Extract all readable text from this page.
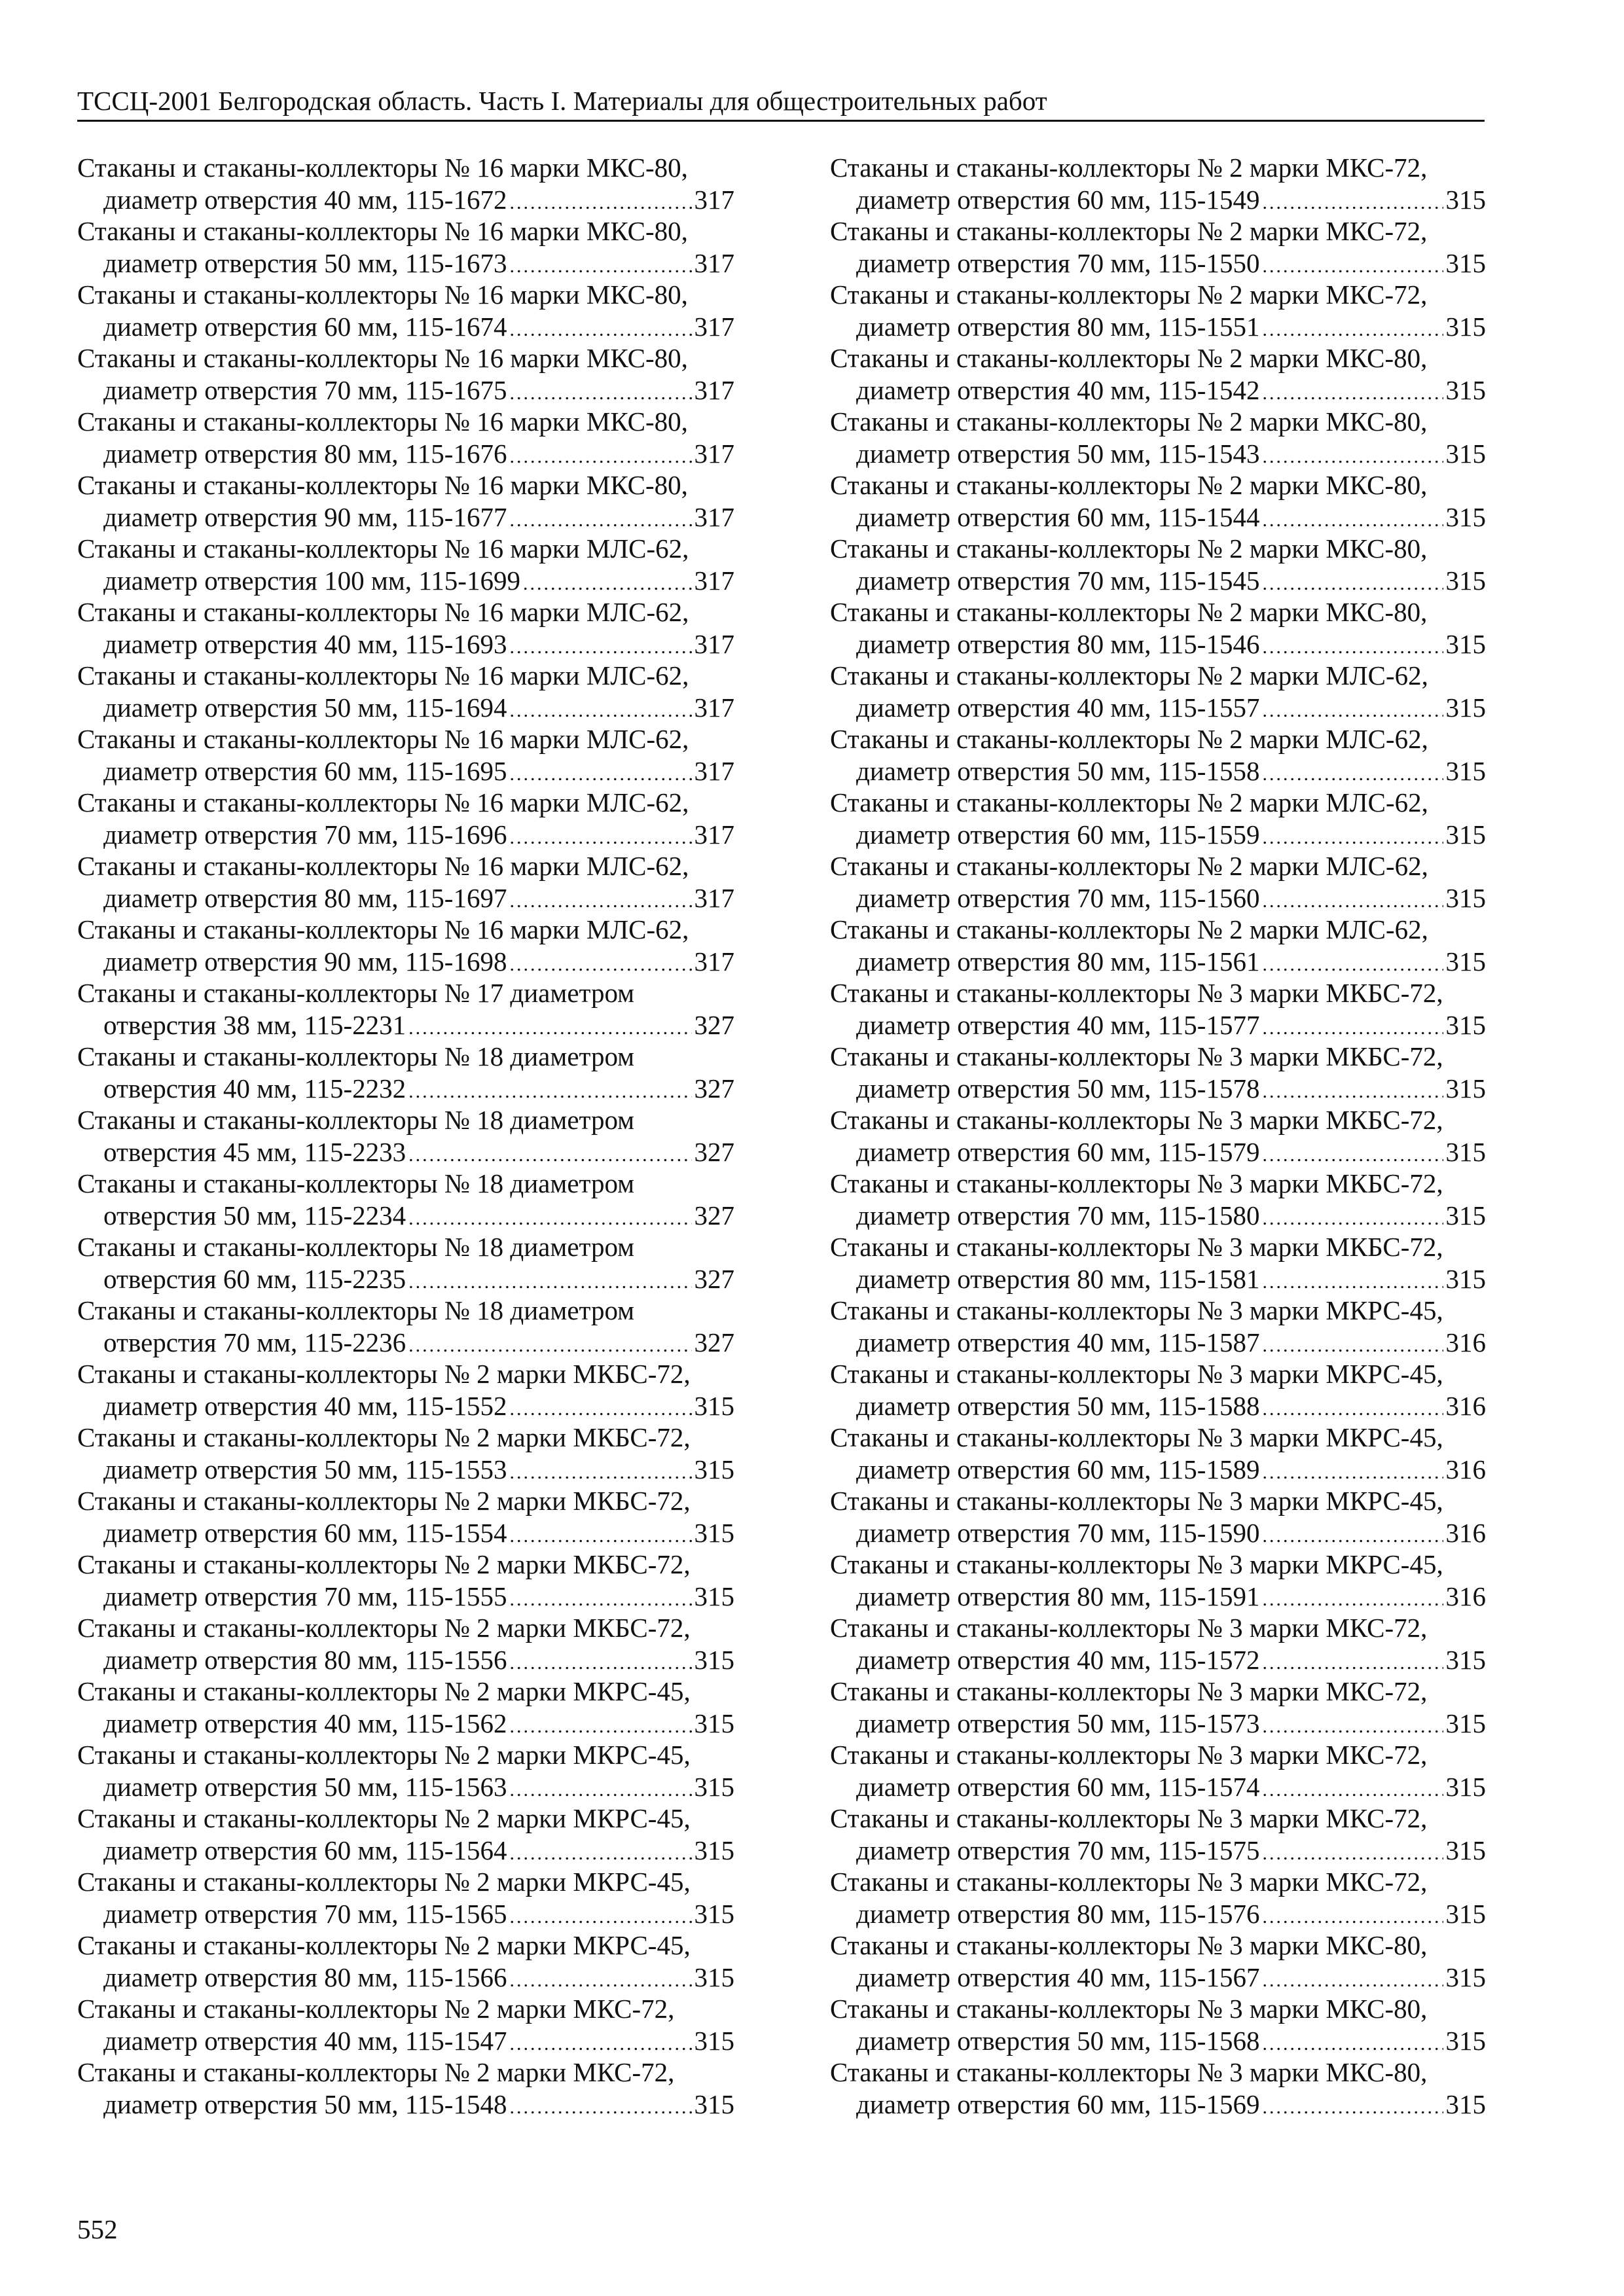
ТССЦ-2001 Белгородская область. Часть I. Материалы для общестроительных работ
Стаканы и стаканы-коллекторы № 16 марки МКС-80,
диаметр отверстия 40 мм, 115-1672 .....	317
Стаканы и стаканы-коллекторы № 16 марки МКС-80,
диаметр отверстия 50 мм, 115-1673 .....	317
Стаканы и стаканы-коллекторы № 16 марки МКС-80,
диаметр отверстия 60 мм, 115-1674 .....	317
Стаканы и стаканы-коллекторы № 16 марки МКС-80,
диаметр отверстия 70 мм, 115-1675 .....	317
Стаканы и стаканы-коллекторы № 16 марки МКС-80,
диаметр отверстия 80 мм, 115-1676 .....	317
Стаканы и стаканы-коллекторы № 16 марки МКС-80,
диаметр отверстия 90 мм, 115-1677 .....	317
Стаканы и стаканы-коллекторы № 16 марки МЛС-62,
диаметр отверстия 100 мм, 115-1699 .....	317
Стаканы и стаканы-коллекторы № 16 марки МЛС-62,
диаметр отверстия 40 мм, 115-1693 .....	317
Стаканы и стаканы-коллекторы № 16 марки МЛС-62,
диаметр отверстия 50 мм, 115-1694 .....	317
Стаканы и стаканы-коллекторы № 16 марки МЛС-62,
диаметр отверстия 60 мм, 115-1695 .....	317
Стаканы и стаканы-коллекторы № 16 марки МЛС-62,
диаметр отверстия 70 мм, 115-1696 .....	317
Стаканы и стаканы-коллекторы № 16 марки МЛС-62,
диаметр отверстия 80 мм, 115-1697 .....	317
Стаканы и стаканы-коллекторы № 16 марки МЛС-62,
диаметр отверстия 90 мм, 115-1698 .....	317
Стаканы и стаканы-коллекторы № 17 диаметром
отверстия 38 мм, 115-2231 .....	327
Стаканы и стаканы-коллекторы № 18 диаметром
отверстия 40 мм, 115-2232 .....	327
Стаканы и стаканы-коллекторы № 18 диаметром
отверстия 45 мм, 115-2233 .....	327
Стаканы и стаканы-коллекторы № 18 диаметром
отверстия 50 мм, 115-2234 .....	327
Стаканы и стаканы-коллекторы № 18 диаметром
отверстия 60 мм, 115-2235 .....	327
Стаканы и стаканы-коллекторы № 18 диаметром
отверстия 70 мм, 115-2236 .....	327
Стаканы и стаканы-коллекторы № 2 марки МКБС-72,
диаметр отверстия 40 мм, 115-1552 .....	315
Стаканы и стаканы-коллекторы № 2 марки МКБС-72,
диаметр отверстия 50 мм, 115-1553 .....	315
Стаканы и стаканы-коллекторы № 2 марки МКБС-72,
диаметр отверстия 60 мм, 115-1554 .....	315
Стаканы и стаканы-коллекторы № 2 марки МКБС-72,
диаметр отверстия 70 мм, 115-1555 .....	315
Стаканы и стаканы-коллекторы № 2 марки МКБС-72,
диаметр отверстия 80 мм, 115-1556 .....	315
Стаканы и стаканы-коллекторы № 2 марки МКРС-45,
диаметр отверстия 40 мм, 115-1562 .....	315
Стаканы и стаканы-коллекторы № 2 марки МКРС-45,
диаметр отверстия 50 мм, 115-1563 .....	315
Стаканы и стаканы-коллекторы № 2 марки МКРС-45,
диаметр отверстия 60 мм, 115-1564 .....	315
Стаканы и стаканы-коллекторы № 2 марки МКРС-45,
диаметр отверстия 70 мм, 115-1565 .....	315
Стаканы и стаканы-коллекторы № 2 марки МКРС-45,
диаметр отверстия 80 мм, 115-1566 .....	315
Стаканы и стаканы-коллекторы № 2 марки МКС-72,
диаметр отверстия 40 мм, 115-1547 .....	315
Стаканы и стаканы-коллекторы № 2 марки МКС-72,
диаметр отверстия 50 мм, 115-1548 .....	315
Стаканы и стаканы-коллекторы № 2 марки МКС-72,
диаметр отверстия 60 мм, 115-1549 .....	315
Стаканы и стаканы-коллекторы № 2 марки МКС-72,
диаметр отверстия 70 мм, 115-1550 .....	315
Стаканы и стаканы-коллекторы № 2 марки МКС-72,
диаметр отверстия 80 мм, 115-1551 .....	315
Стаканы и стаканы-коллекторы № 2 марки МКС-80,
диаметр отверстия 40 мм, 115-1542 .....	315
Стаканы и стаканы-коллекторы № 2 марки МКС-80,
диаметр отверстия 50 мм, 115-1543 .....	315
Стаканы и стаканы-коллекторы № 2 марки МКС-80,
диаметр отверстия 60 мм, 115-1544 .....	315
Стаканы и стаканы-коллекторы № 2 марки МКС-80,
диаметр отверстия 70 мм, 115-1545 .....	315
Стаканы и стаканы-коллекторы № 2 марки МКС-80,
диаметр отверстия 80 мм, 115-1546 .....	315
Стаканы и стаканы-коллекторы № 2 марки МЛС-62,
диаметр отверстия 40 мм, 115-1557 .....	315
Стаканы и стаканы-коллекторы № 2 марки МЛС-62,
диаметр отверстия 50 мм, 115-1558 .....	315
Стаканы и стаканы-коллекторы № 2 марки МЛС-62,
диаметр отверстия 60 мм, 115-1559 .....	315
Стаканы и стаканы-коллекторы № 2 марки МЛС-62,
диаметр отверстия 70 мм, 115-1560 .....	315
Стаканы и стаканы-коллекторы № 2 марки МЛС-62,
диаметр отверстия 80 мм, 115-1561 .....	315
Стаканы и стаканы-коллекторы № 3 марки МКБС-72,
диаметр отверстия 40 мм, 115-1577 .....	315
Стаканы и стаканы-коллекторы № 3 марки МКБС-72,
диаметр отверстия 50 мм, 115-1578 .....	315
Стаканы и стаканы-коллекторы № 3 марки МКБС-72,
диаметр отверстия 60 мм, 115-1579 .....	315
Стаканы и стаканы-коллекторы № 3 марки МКБС-72,
диаметр отверстия 70 мм, 115-1580 .....	315
Стаканы и стаканы-коллекторы № 3 марки МКБС-72,
диаметр отверстия 80 мм, 115-1581 .....	315
Стаканы и стаканы-коллекторы № 3 марки МКРС-45,
диаметр отверстия 40 мм, 115-1587 .....	316
Стаканы и стаканы-коллекторы № 3 марки МКРС-45,
диаметр отверстия 50 мм, 115-1588 .....	316
Стаканы и стаканы-коллекторы № 3 марки МКРС-45,
диаметр отверстия 60 мм, 115-1589 .....	316
Стаканы и стаканы-коллекторы № 3 марки МКРС-45,
диаметр отверстия 70 мм, 115-1590 .....	316
Стаканы и стаканы-коллекторы № 3 марки МКРС-45,
диаметр отверстия 80 мм, 115-1591 .....	316
Стаканы и стаканы-коллекторы № 3 марки МКС-72,
диаметр отверстия 40 мм, 115-1572 .....	315
Стаканы и стаканы-коллекторы № 3 марки МКС-72,
диаметр отверстия 50 мм, 115-1573 .....	315
Стаканы и стаканы-коллекторы № 3 марки МКС-72,
диаметр отверстия 60 мм, 115-1574 .....	315
Стаканы и стаканы-коллекторы № 3 марки МКС-72,
диаметр отверстия 70 мм, 115-1575 .....	315
Стаканы и стаканы-коллекторы № 3 марки МКС-72,
диаметр отверстия 80 мм, 115-1576 .....	315
Стаканы и стаканы-коллекторы № 3 марки МКС-80,
диаметр отверстия 40 мм, 115-1567 .....	315
Стаканы и стаканы-коллекторы № 3 марки МКС-80,
диаметр отверстия 50 мм, 115-1568 .....	315
Стаканы и стаканы-коллекторы № 3 марки МКС-80,
диаметр отверстия 60 мм, 115-1569 .....	315
552
